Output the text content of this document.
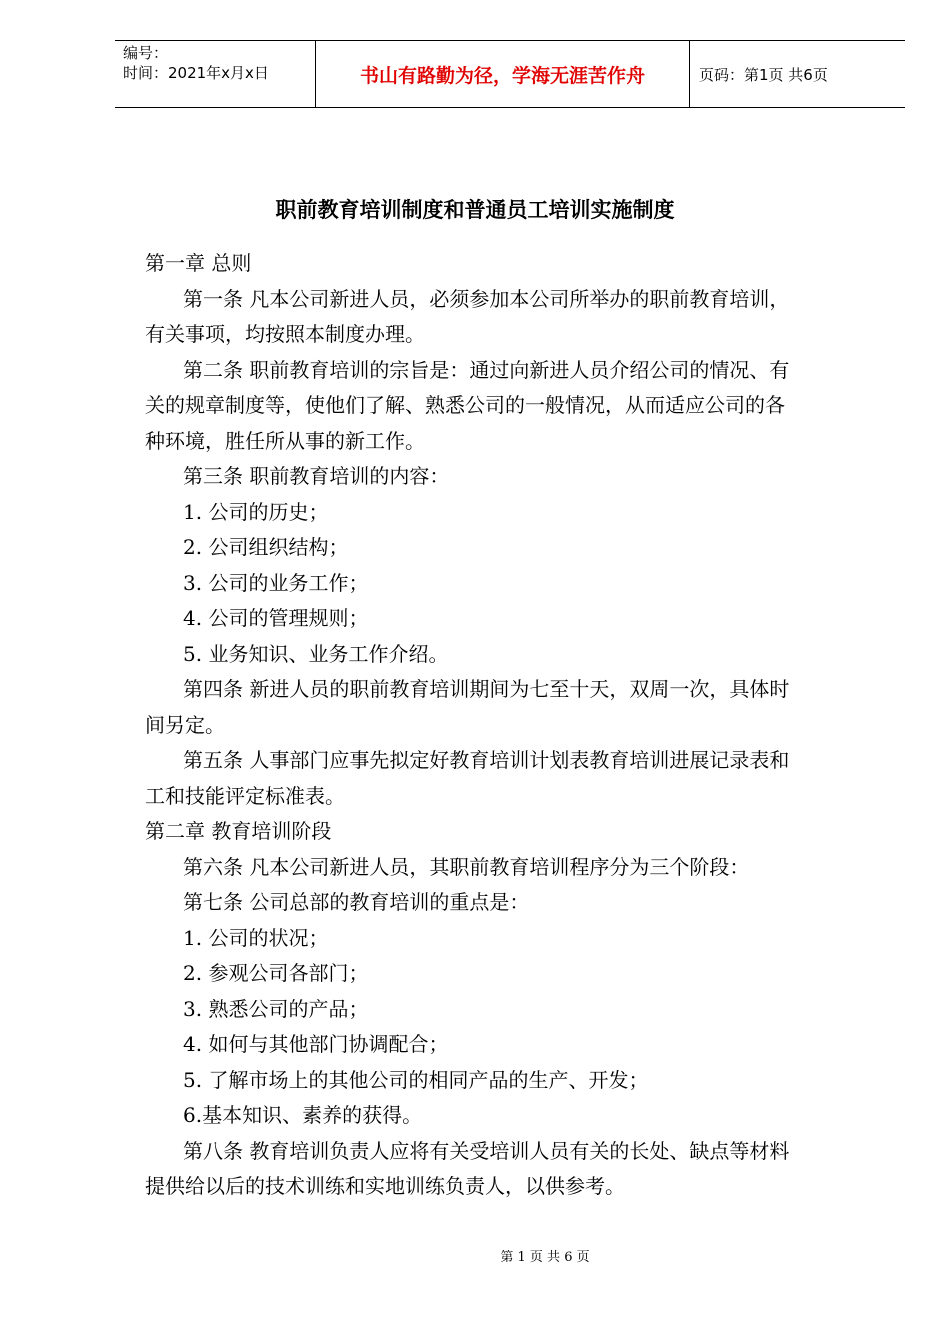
编号：
时间：2021年x月x日	书山有路勤为径，学海无涯苦作舟	页码：第1页 共6页
职前教育培训制度和普通员工培训实施制度
第一章 总则
第一条 凡本公司新进人员，必须参加本公司所举办的职前教育培训，
有关事项，均按照本制度办理。
第二条 职前教育培训的宗旨是：通过向新进人员介绍公司的情况、有
关的规章制度等，使他们了解、熟悉公司的一般情况，从而适应公司的各
种环境，胜任所从事的新工作。
第三条 职前教育培训的内容：
1. 公司的历史；
2. 公司组织结构；
3. 公司的业务工作；
4. 公司的管理规则；
5. 业务知识、业务工作介绍。
第四条 新进人员的职前教育培训期间为七至十天，双周一次，具体时
间另定。
第五条 人事部门应事先拟定好教育培训计划表教育培训进展记录表和
工和技能评定标准表。
第二章 教育培训阶段
第六条 凡本公司新进人员，其职前教育培训程序分为三个阶段：
第七条 公司总部的教育培训的重点是：
1. 公司的状况；
2. 参观公司各部门；
3. 熟悉公司的产品；
4. 如何与其他部门协调配合；
5. 了解市场上的其他公司的相同产品的生产、开发；
6.基本知识、素养的获得。
第八条 教育培训负责人应将有关受培训人员有关的长处、缺点等材料
提供给以后的技术训练和实地训练负责人，以供参考。
第 1 页 共 6 页
